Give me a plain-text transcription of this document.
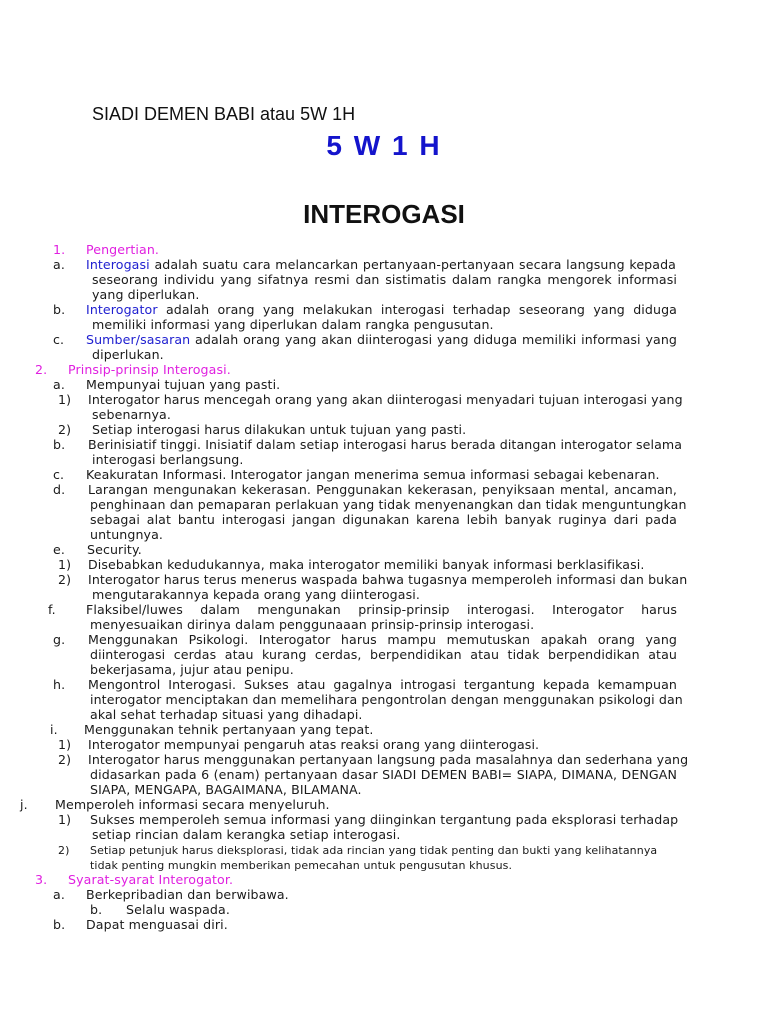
SIADI DEMEN BABI atau 5W 1H
5 W 1 H
INTEROGASI
1. Pengertian.
a. Interogasi adalah suatu cara melancarkan pertanyaan-pertanyaan secara langsung kepada
seseorang individu yang sifatnya resmi dan sistimatis dalam rangka mengorek informasi
yang diperlukan.
b. Interogator adalah orang yang melakukan interogasi terhadap seseorang yang diduga
memiliki informasi yang diperlukan dalam rangka pengusutan.
c. Sumber/sasaran adalah orang yang akan diinterogasi yang diduga memiliki informasi yang
diperlukan.
2. Prinsip-prinsip Interogasi.
a. Mempunyai tujuan yang pasti.
1) Interogator harus mencegah orang yang akan diinterogasi menyadari tujuan interogasi yang
sebenarnya.
2) Setiap interogasi harus dilakukan untuk tujuan yang pasti.
b. Berinisiatif tinggi. Inisiatif dalam setiap interogasi harus berada ditangan interogator selama
interogasi berlangsung.
c. Keakuratan Informasi. Interogator jangan menerima semua informasi sebagai kebenaran.
d. Larangan mengunakan kekerasan. Penggunakan kekerasan, penyiksaan mental, ancaman,
penghinaan dan pemaparan perlakuan yang tidak menyenangkan dan tidak menguntungkan
sebagai alat bantu interogasi jangan digunakan karena lebih banyak ruginya dari pada
untungnya.
e. Security.
1) Disebabkan kedudukannya, maka interogator memiliki banyak informasi berklasifikasi.
2) Interogator harus terus menerus waspada bahwa tugasnya memperoleh informasi dan bukan
mengutarakannya kepada orang yang diinterogasi.
f. Flaksibel/luwes dalam mengunakan prinsip-prinsip interogasi. Interogator harus
menyesuaikan dirinya dalam penggunaaan prinsip-prinsip interogasi.
g. Menggunakan Psikologi. Interogator harus mampu memutuskan apakah orang yang
diinterogasi cerdas atau kurang cerdas, berpendidikan atau tidak berpendidikan atau
bekerjasama, jujur atau penipu.
h. Mengontrol Interogasi. Sukses atau gagalnya introgasi tergantung kepada kemampuan
interogator menciptakan dan memelihara pengontrolan dengan menggunakan psikologi dan
akal sehat terhadap situasi yang dihadapi.
i. Menggunakan tehnik pertanyaan yang tepat.
1) Interogator mempunyai pengaruh atas reaksi orang yang diinterogasi.
2) Interogator harus menggunakan pertanyaan langsung pada masalahnya dan sederhana yang
didasarkan pada 6 (enam) pertanyaan dasar SIADI DEMEN BABI= SIAPA, DIMANA, DENGAN
SIAPA, MENGAPA, BAGAIMANA, BILAMANA.
j. Memperoleh informasi secara menyeluruh.
1) Sukses memperoleh semua informasi yang diinginkan tergantung pada eksplorasi terhadap
setiap rincian dalam kerangka setiap interogasi.
2) Setiap petunjuk harus dieksplorasi, tidak ada rincian yang tidak penting dan bukti yang kelihatannya
tidak penting mungkin memberikan pemecahan untuk pengusutan khusus.
3. Syarat-syarat Interogator.
a. Berkepribadian dan berwibawa.
b. Selalu waspada.
b. Dapat menguasai diri.
